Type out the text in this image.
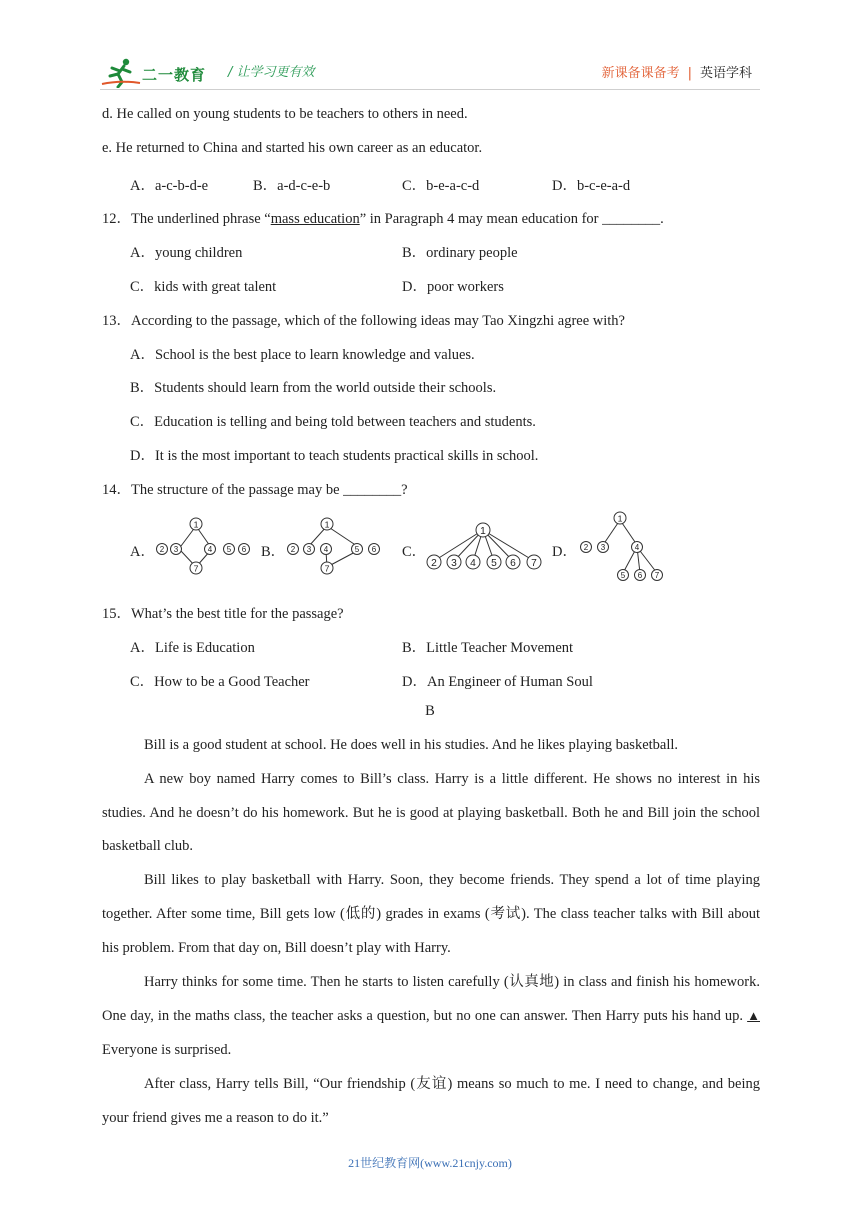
二一教育 / 让学习更有效	新课备课备考 | 英语学科
d. He called on young students to be teachers to others in need.
e. He returned to China and started his own career as an educator.
A．a-c-b-d-e	B．a-d-c-e-b	C．b-e-a-c-d	D．b-c-e-a-d
12．The underlined phrase “mass education” in Paragraph 4 may mean education for ________.
A．young children	B．ordinary people
C．kids with great talent	D．poor workers
13．According to the passage, which of the following ideas may Tao Xingzhi agree with?
A．School is the best place to learn knowledge and values.
B．Students should learn from the world outside their schools.
C．Education is telling and being told between teachers and students.
D．It is the most important to teach students practical skills in school.
14．The structure of the passage may be ________?
A．	B．	C．	D．
1
2 3	4 5 6
7
1
2 3 4	5 6
7
1
2 3 4 5 6 7
1
2 3	4
5 6 7
15．What’s the best title for the passage?
A．Life is Education	B．Little Teacher Movement
C．How to be a Good Teacher	D．An Engineer of Human Soul
B
Bill is a good student at school. He does well in his studies. And he likes playing basketball.
A new boy named Harry comes to Bill’s class. Harry is a little different. He shows no interest in his studies. And he doesn’t do his homework. But he is good at playing basketball. Both he and Bill join the school basketball club.
Bill likes to play basketball with Harry. Soon, they become friends. They spend a lot of time playing together. After some time, Bill gets low (低的) grades in exams (考试). The class teacher talks with Bill about his problem. From that day on, Bill doesn’t play with Harry.
Harry thinks for some time. Then he starts to listen carefully (认真地) in class and finish his homework. One day, in the maths class, the teacher asks a question, but no one can answer. Then Harry puts his hand up. ▲ Everyone is surprised.
After class, Harry tells Bill, “Our friendship (友谊) means so much to me. I need to change, and being your friend gives me a reason to do it.”
21世纪教育网(www.21cnjy.com)
